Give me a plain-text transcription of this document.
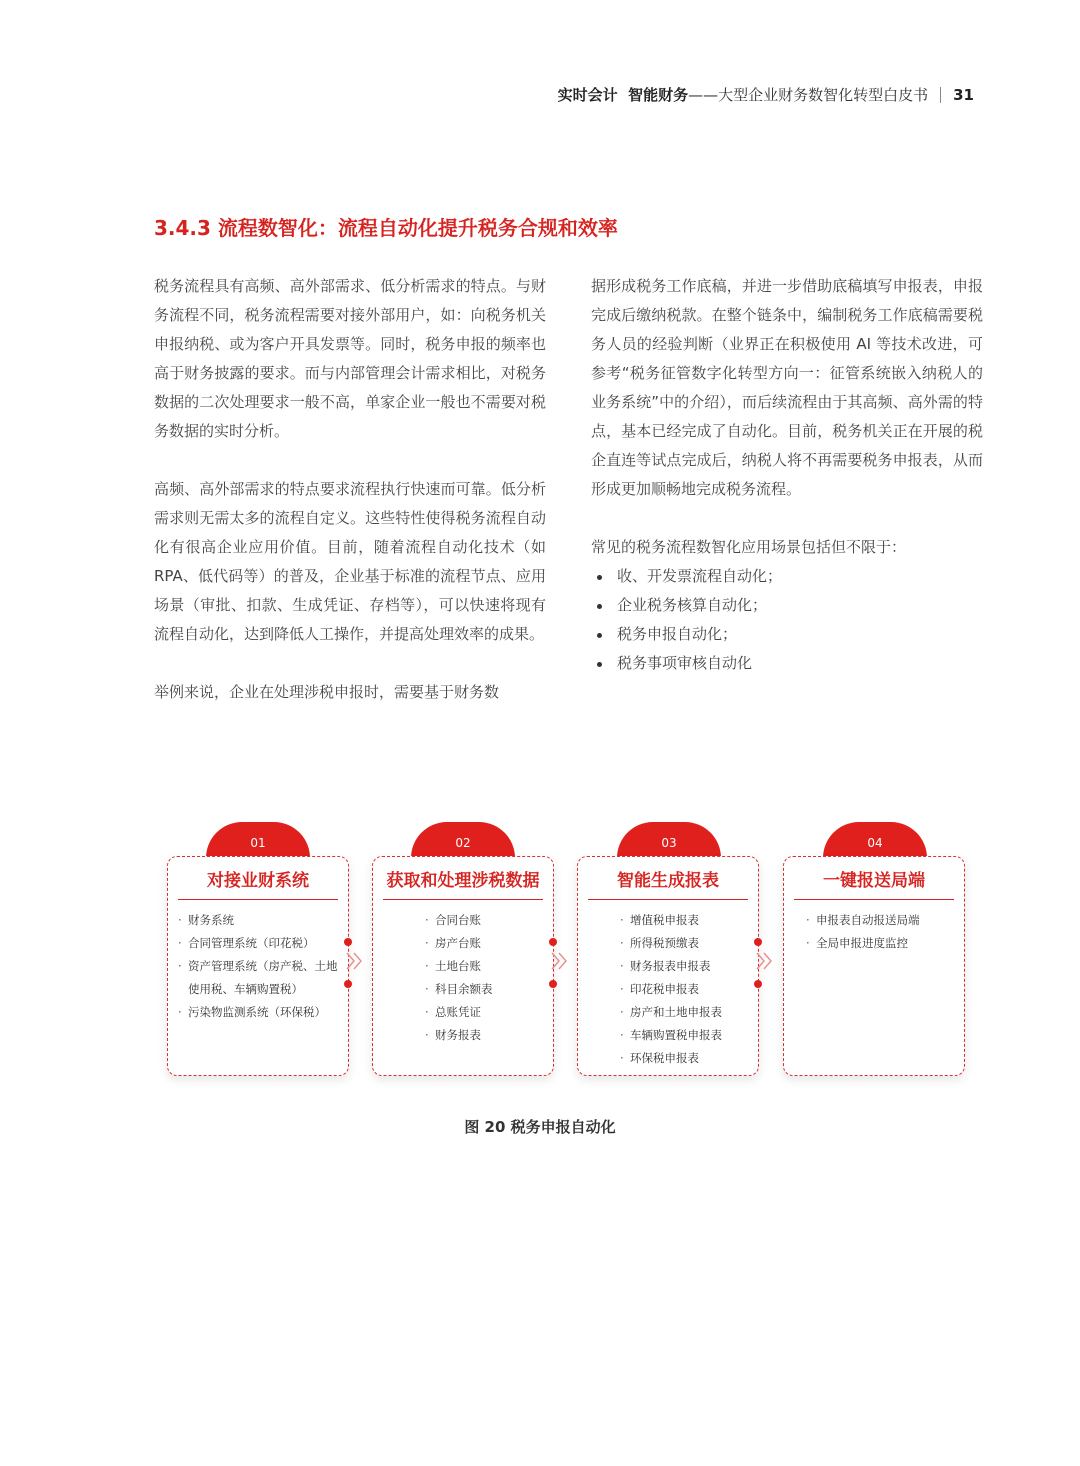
实时会计  智能财务 ——大型企业财务数智化转型白皮书 31
3.4.3 流程数智化：流程自动化提升税务合规和效率

税务流程具有高频、高外部需求、低分析需求的特点。与财务流程不同，税务流程需要对接外部用户，如：向税务机关申报纳税、或为客户开具发票等。同时，税务申报的频率也高于财务披露的要求。而与内部管理会计需求相比，对税务数据的二次处理要求一般不高，单家企业一般也不需要对税务数据的实时分析。

高频、高外部需求的特点要求流程执行快速而可靠。低分析需求则无需太多的流程自定义。这些特性使得税务流程自动化有很高企业应用价值。目前，随着流程自动化技术（如 RPA、低代码等）的普及，企业基于标准的流程节点、应用场景（审批、扣款、生成凭证、存档等），可以快速将现有流程自动化，达到降低人工操作，并提高处理效率的成果。

举例来说，企业在处理涉税申报时，需要基于财务数

据形成税务工作底稿，并进一步借助底稿填写申报表，申报完成后缴纳税款。在整个链条中，编制税务工作底稿需要税务人员的经验判断（业界正在积极使用 AI 等技术改进，可参考“税务征管数字化转型方向一：征管系统嵌入纳税人的业务系统”中的介绍），而后续流程由于其高频、高外需的特点，基本已经完成了自动化。目前，税务机关正在开展的税企直连等试点完成后，纳税人将不再需要税务申报表，从而形成更加顺畅地完成税务流程。

常见的税务流程数智化应用场景包括但不限于：

收、开发票流程自动化；
企业税务核算自动化；
税务申报自动化；
税务事项审核自动化
01
对接业财系统
· 财务系统
· 合同管理系统（印花税）
· 资产管理系统（房产税、土地使用税、车辆购置税）
· 污染物监测系统（环保税）
02
获取和处理涉税数据
· 合同台账
· 房产台账
· 土地台账
· 科目余额表
· 总账凭证
· 财务报表
03
智能生成报表
· 增值税申报表
· 所得税预缴表
· 财务报表申报表
· 印花税申报表
· 房产和土地申报表
· 车辆购置税申报表
· 环保税申报表
04
一键报送局端
· 申报表自动报送局端
· 全局申报进度监控
图 20 税务申报自动化
